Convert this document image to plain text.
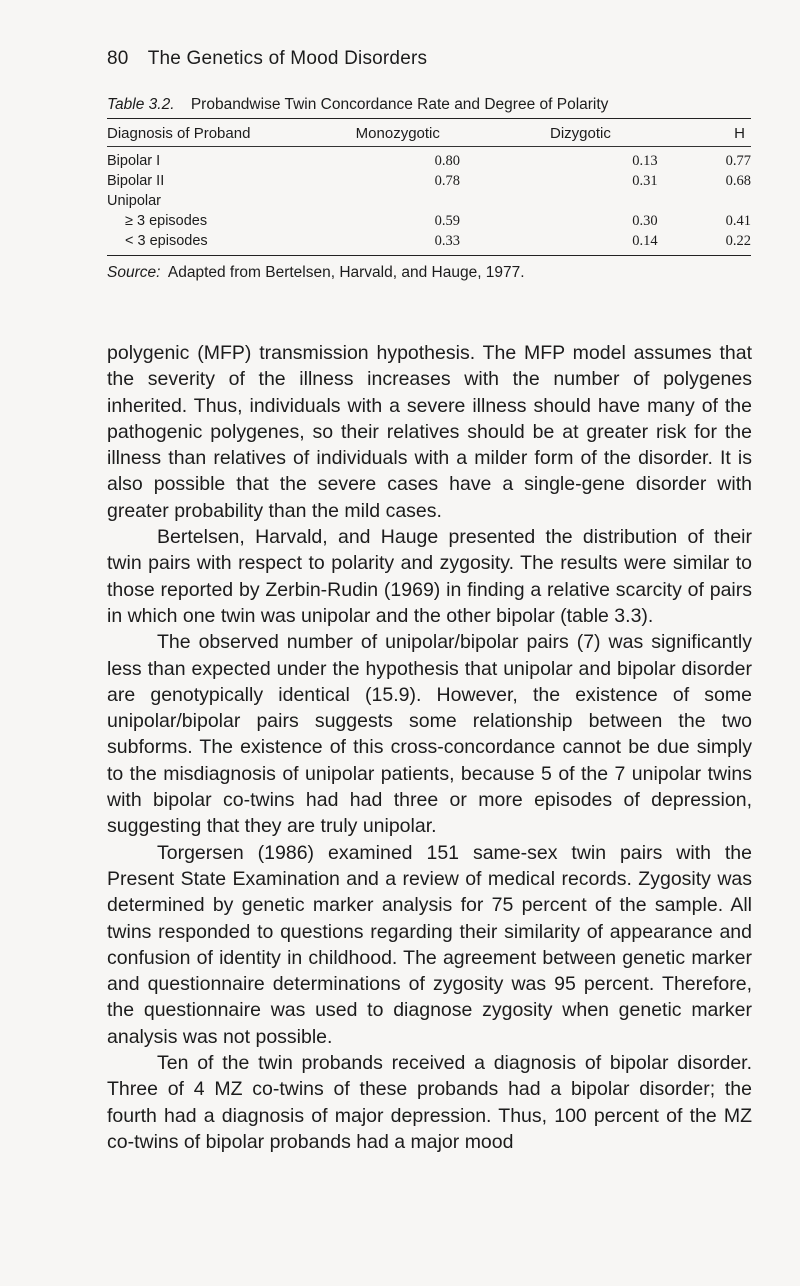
80 The Genetics of Mood Disorders
Table 3.2. Probandwise Twin Concordance Rate and Degree of Polarity
Diagnosis of Proband	Monozygotic	Dizygotic	H
Bipolar I	0.80	0.13	0.77
Bipolar II	0.78	0.31	0.68
Unipolar			
≥ 3 episodes	0.59	0.30	0.41
< 3 episodes	0.33	0.14	0.22
Source: Adapted from Bertelsen, Harvald, and Hauge, 1977.

polygenic (MFP) transmission hypothesis. The MFP model assumes that the severity of the illness increases with the number of polygenes inherited. Thus, individuals with a severe illness should have many of the pathogenic polygenes, so their relatives should be at greater risk for the illness than relatives of individuals with a milder form of the disorder. It is also possible that the severe cases have a single-gene disorder with greater probability than the mild cases.

Bertelsen, Harvald, and Hauge presented the distribution of their twin pairs with respect to polarity and zygosity. The results were similar to those reported by Zerbin-Rudin (1969) in finding a relative scarcity of pairs in which one twin was unipolar and the other bipolar (table 3.3).

The observed number of unipolar/bipolar pairs (7) was significantly less than expected under the hypothesis that unipolar and bipolar disorder are genotypically identical (15.9). However, the existence of some unipolar/bipolar pairs suggests some relationship between the two subforms. The existence of this cross-concordance cannot be due simply to the misdiagnosis of unipolar patients, because 5 of the 7 unipolar twins with bipolar co-twins had had three or more episodes of depression, suggesting that they are truly unipolar.

Torgersen (1986) examined 151 same-sex twin pairs with the Present State Examination and a review of medical records. Zygosity was determined by genetic marker analysis for 75 percent of the sample. All twins responded to questions regarding their similarity of appearance and confusion of identity in childhood. The agreement between genetic marker and questionnaire determinations of zygosity was 95 percent. Therefore, the questionnaire was used to diagnose zygosity when genetic marker analysis was not possible.

Ten of the twin probands received a diagnosis of bipolar disorder. Three of 4 MZ co-twins of these probands had a bipolar disorder; the fourth had a diagnosis of major depression. Thus, 100 percent of the MZ co-twins of bipolar probands had a major mood
